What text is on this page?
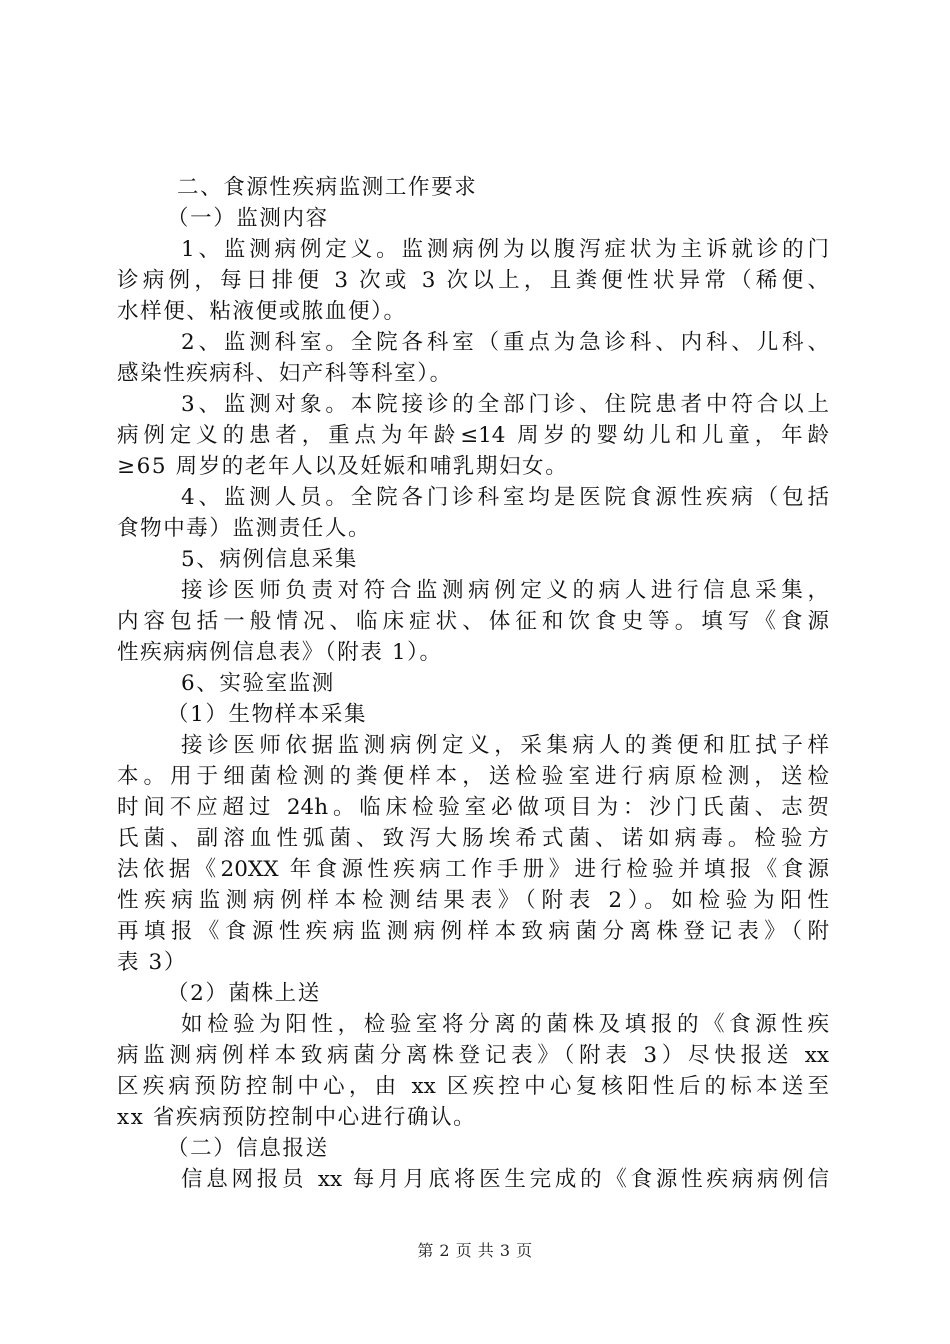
二、食源性疾病监测工作要求
（一）监测内容
1、监测病例定义。监测病例为以腹泻症状为主诉就诊的门
诊病例，每日排便 3 次或 3 次以上，且粪便性状异常（稀便、
水样便、粘液便或脓血便）。
2、监测科室。全院各科室（重点为急诊科、内科、儿科、
感染性疾病科、妇产科等科室）。
3、监测对象。本院接诊的全部门诊、住院患者中符合以上
病例定义的患者，重点为年龄≤14 周岁的婴幼儿和儿童，年龄
≥65 周岁的老年人以及妊娠和哺乳期妇女。
4、监测人员。全院各门诊科室均是医院食源性疾病（包括
食物中毒）监测责任人。
5、病例信息采集
接诊医师负责对符合监测病例定义的病人进行信息采集，
内容包括一般情况、临床症状、体征和饮食史等。填写《食源
性疾病病例信息表》（附表 1）。
6、实验室监测
（1）生物样本采集
接诊医师依据监测病例定义，采集病人的粪便和肛拭子样
本。用于细菌检测的粪便样本，送检验室进行病原检测，送检
时间不应超过 24h。临床检验室必做项目为：沙门氏菌、志贺
氏菌、副溶血性弧菌、致泻大肠埃希式菌、诺如病毒。检验方
法依据《20XX 年食源性疾病工作手册》进行检验并填报《食源
性疾病监测病例样本检测结果表》（附表 2）。如检验为阳性
再填报《食源性疾病监测病例样本致病菌分离株登记表》（附
表 3）
（2）菌株上送
如检验为阳性，检验室将分离的菌株及填报的《食源性疾
病监测病例样本致病菌分离株登记表》（附表 3）尽快报送 xx
区疾病预防控制中心，由 xx 区疾控中心复核阳性后的标本送至
xx 省疾病预防控制中心进行确认。
（二）信息报送
信息网报员 xx 每月月底将医生完成的《食源性疾病病例信
第 2 页 共 3 页
